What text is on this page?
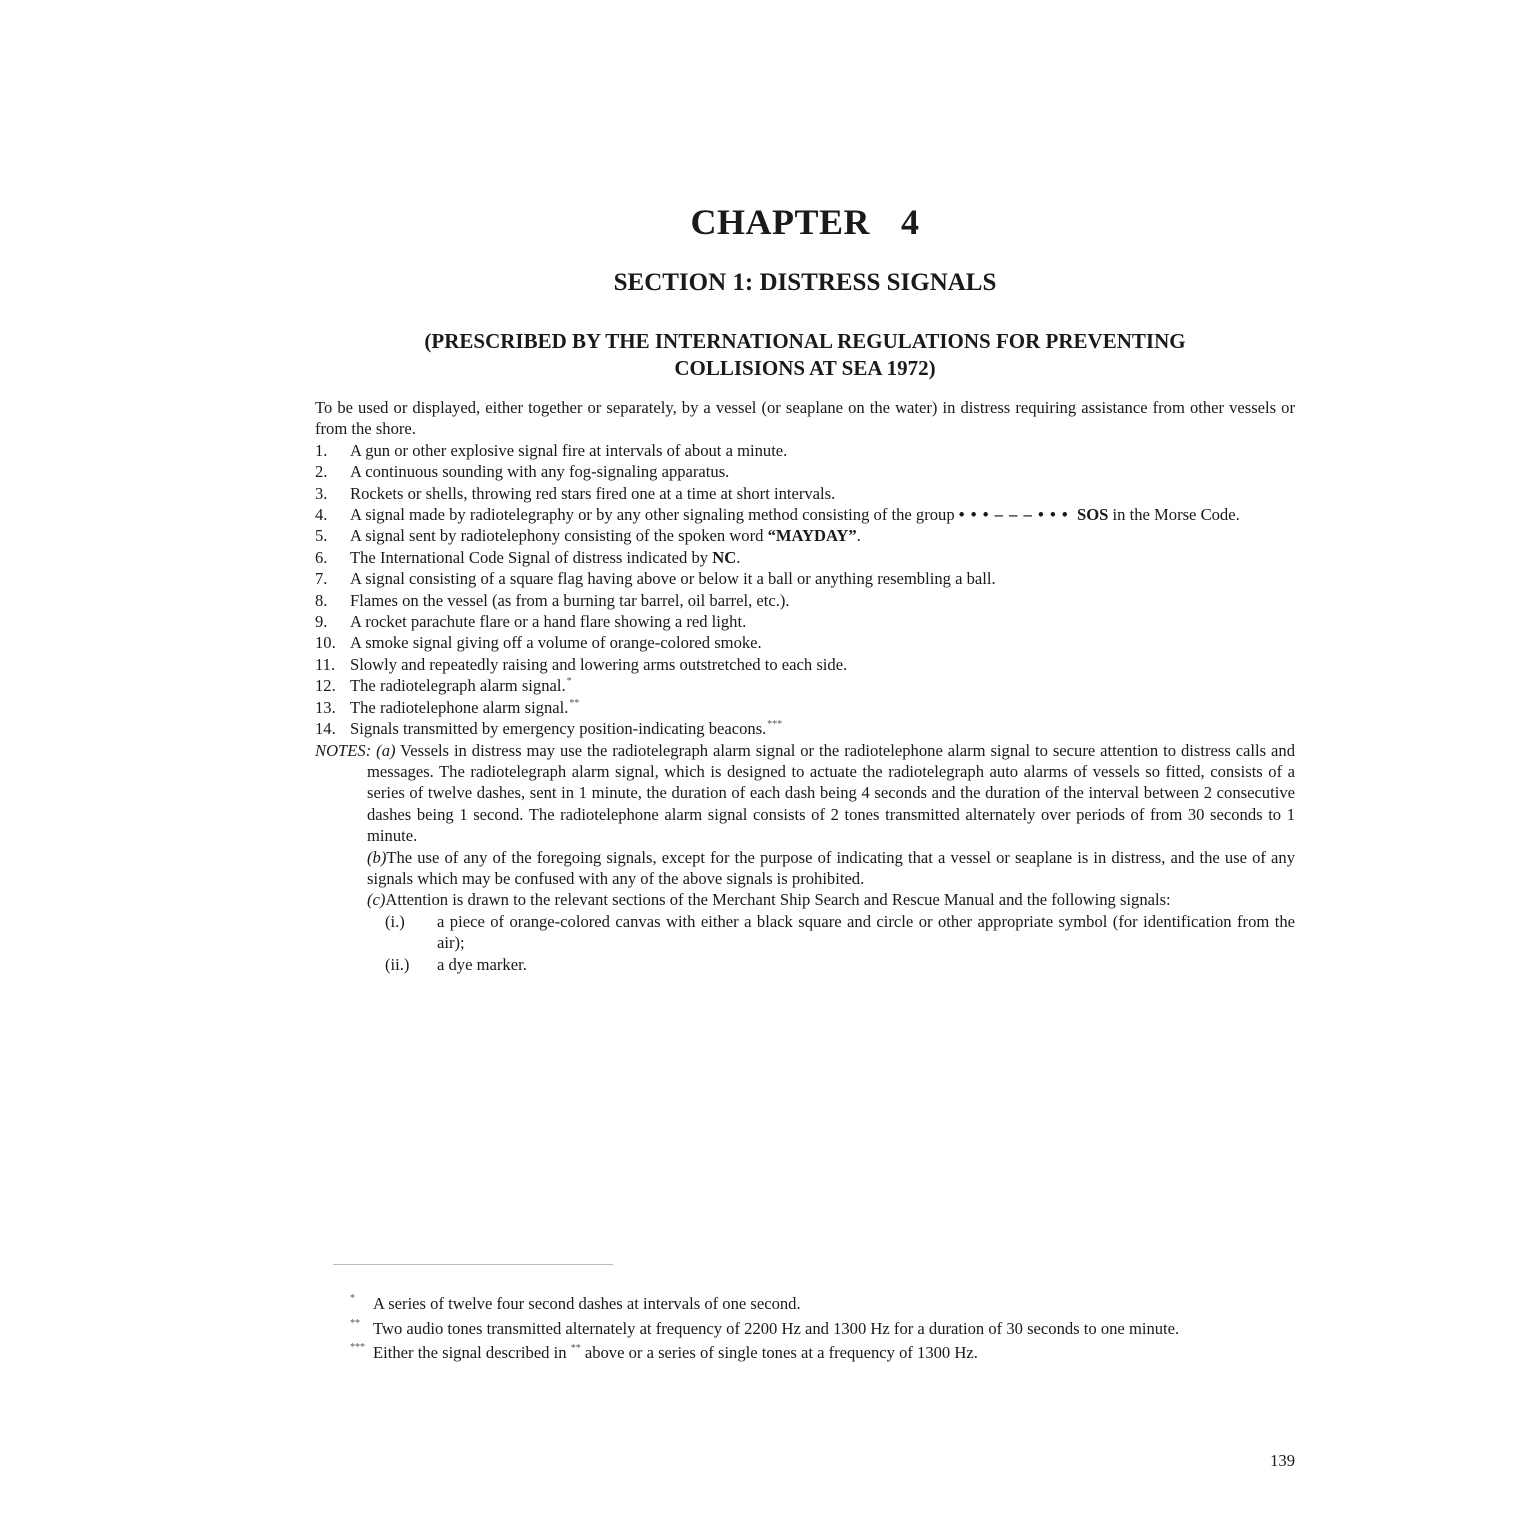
CHAPTER  4
SECTION 1: DISTRESS SIGNALS
(PRESCRIBED BY THE INTERNATIONAL REGULATIONS FOR PREVENTING
COLLISIONS AT SEA 1972)

To be used or displayed, either together or separately, by a vessel (or seaplane on the water) in distress requiring assistance from other vessels or from the shore.

1. A gun or other explosive signal fire at intervals of about a minute.
2. A continuous sounding with any fog-signaling apparatus.
3. Rockets or shells, throwing red stars fired one at a time at short intervals.
4. A signal made by radiotelegraphy or by any other signaling method consisting of the group • • • – – – • • • SOS in the Morse Code.
5. A signal sent by radiotelephony consisting of the spoken word “MAYDAY”.
6. The International Code Signal of distress indicated by NC.
7. A signal consisting of a square flag having above or below it a ball or anything resembling a ball.
8. Flames on the vessel (as from a burning tar barrel, oil barrel, etc.).
9. A rocket parachute flare or a hand flare showing a red light.
10. A smoke signal giving off a volume of orange-colored smoke.
11. Slowly and repeatedly raising and lowering arms outstretched to each side.
12. The radiotelegraph alarm signal.*
13. The radiotelephone alarm signal.**
14. Signals transmitted by emergency position-indicating beacons.***
NOTES: (a) Vessels in distress may use the radiotelegraph alarm signal or the radiotelephone alarm signal to secure attention to distress calls and messages. The radiotelegraph alarm signal, which is designed to actuate the radiotelegraph auto alarms of vessels so fitted, consists of a series of twelve dashes, sent in 1 minute, the duration of each dash being 4 seconds and the duration of the interval between 2 consecutive dashes being 1 second. The radiotelephone alarm signal consists of 2 tones transmitted alternately over periods of from 30 seconds to 1 minute.
(b)The use of any of the foregoing signals, except for the purpose of indicating that a vessel or seaplane is in distress, and the use of any signals which may be confused with any of the above signals is prohibited.
(c)Attention is drawn to the relevant sections of the Merchant Ship Search and Rescue Manual and the following signals:
(i.) a piece of orange-colored canvas with either a black square and circle or other appropriate symbol (for identification from the air);
(ii.) a dye marker.
* A series of twelve four second dashes at intervals of one second.
** Two audio tones transmitted alternately at frequency of 2200 Hz and 1300 Hz for a duration of 30 seconds to one minute.
*** Either the signal described in ** above or a series of single tones at a frequency of 1300 Hz.
139
